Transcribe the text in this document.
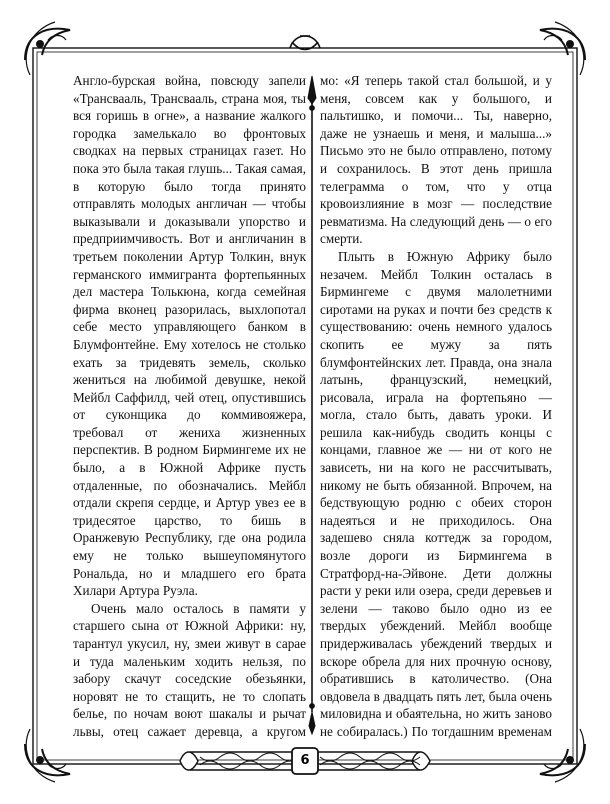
Англо-бурская война, повсюду запели «Трансвааль, Трансвааль, страна моя, ты вся горишь в огне», а название жалкого городка замелькало во фронтовых сводках на первых страницах газет. Но пока это была такая глушь... Такая самая, в которую было тогда принято отправлять молодых англичан — чтобы выказывали и доказывали упорство и предприимчивость. Вот и англичанин в третьем поколении Артур Толкин, внук германского иммигранта фортепьянных дел мастера Толькюна, когда семейная фирма вконец разорилась, выхлопотал себе место управляющего банком в Блумфонтейне. Ему хотелось не столько ехать за тридевять земель, сколько жениться на любимой девушке, некой Мейбл Саффилд, чей отец, опустившись от суконщика до коммивояжера, требовал от жениха жизненных перспектив. В родном Бирмингеме их не было, а в Южной Африке пусть отдаленные, по обозначались. Мейбл отдали скрепя сердце, и Артур увез ее в тридесятое царство, то бишь в Оранжевую Республику, где она родила ему не только вышеупомянутого Рональда, но и младшего его брата Хилари Артура Руэла.

Очень мало осталось в памяти у старшего сына от Южной Африки: ну, тарантул укусил, ну, змеи живут в сарае и туда маленьким ходить нельзя, по забору скачут соседские обезьянки, норовят не то стащить, не то слопать белье, по ночам воют шакалы и рычат львы, отец сажает деревца, а кругом

мо: «Я теперь такой стал большой, и у меня, совсем как у большого, и пальтишко, и помочи... Ты, наверно, даже не узнаешь и меня, и малыша...» Письмо это не было отправлено, потому и сохранилось. В этот день пришла телеграмма о том, что у отца кровоизлияние в мозг — последствие ревматизма. На следующий день — о его смерти.

Плыть в Южную Африку было незачем. Мейбл Толкин осталась в Бирмингеме с двумя малолетними сиротами на руках и почти без средств к существованию: очень немного удалось скопить ее мужу за пять блумфонтейнских лет. Правда, она знала латынь, французский, немецкий, рисовала, играла на фортепьяно — могла, стало быть, давать уроки. И решила как-нибудь сводить концы с концами, главное же — ни от кого не зависеть, ни на кого не рассчитывать, никому не быть обязанной. Впрочем, на бедствующую родню с обеих сторон надеяться и не приходилось. Она задешево сняла коттедж за городом, возле дороги из Бирмингема в Стратфорд-на-Эйвоне. Дети должны расти у реки или озера, среди деревьев и зелени — таково было одно из ее твердых убеждений. Мейбл вообще придерживалась убеждений твердых и вскоре обрела для них прочную основу, обратившись в католичество. (Она овдовела в двадцать пять лет, была очень миловидна и обаятельна, но жить заново не собиралась.) По тогдашним временам

6
